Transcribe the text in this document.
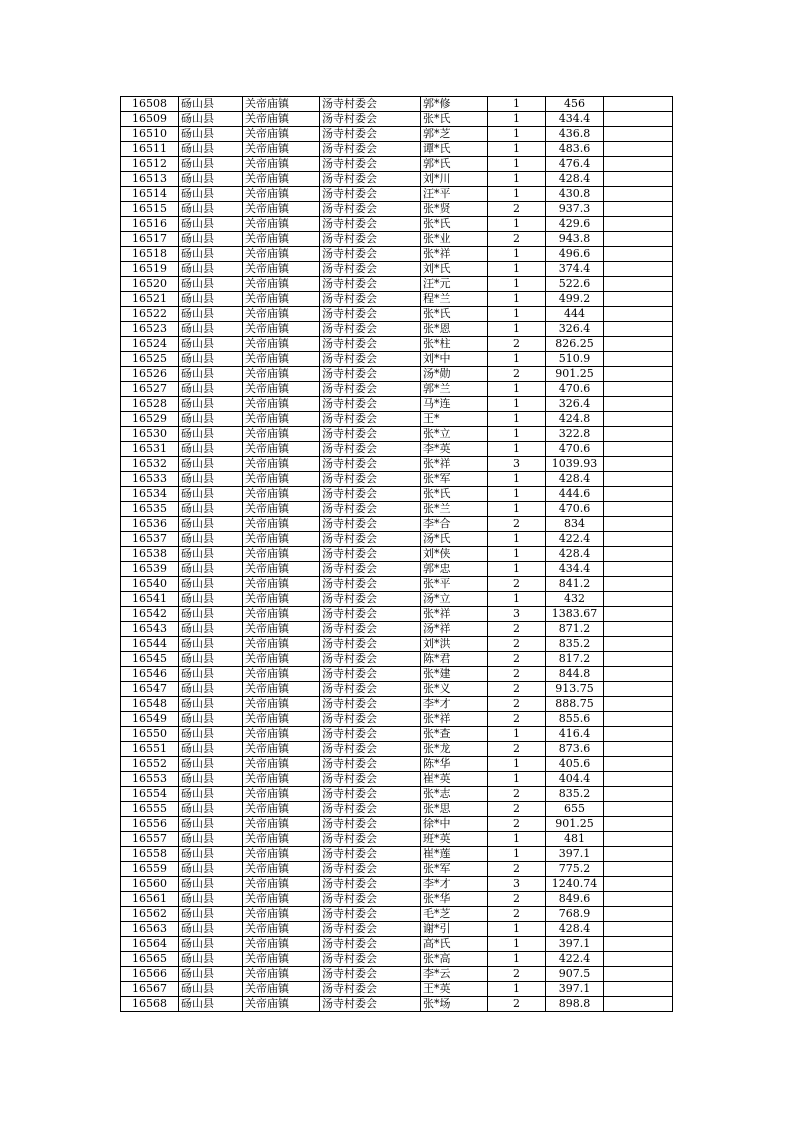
16508	砀山县	关帝庙镇	汤寺村委会	郭*修	1	456	
16509	砀山县	关帝庙镇	汤寺村委会	张*氏	1	434.4	
16510	砀山县	关帝庙镇	汤寺村委会	郭*芝	1	436.8	
16511	砀山县	关帝庙镇	汤寺村委会	谭*氏	1	483.6	
16512	砀山县	关帝庙镇	汤寺村委会	郭*氏	1	476.4	
16513	砀山县	关帝庙镇	汤寺村委会	刘*川	1	428.4	
16514	砀山县	关帝庙镇	汤寺村委会	汪*平	1	430.8	
16515	砀山县	关帝庙镇	汤寺村委会	张*贤	2	937.3	
16516	砀山县	关帝庙镇	汤寺村委会	张*氏	1	429.6	
16517	砀山县	关帝庙镇	汤寺村委会	张*业	2	943.8	
16518	砀山县	关帝庙镇	汤寺村委会	张*祥	1	496.6	
16519	砀山县	关帝庙镇	汤寺村委会	刘*氏	1	374.4	
16520	砀山县	关帝庙镇	汤寺村委会	汪*元	1	522.6	
16521	砀山县	关帝庙镇	汤寺村委会	程*兰	1	499.2	
16522	砀山县	关帝庙镇	汤寺村委会	张*氏	1	444	
16523	砀山县	关帝庙镇	汤寺村委会	张*恩	1	326.4	
16524	砀山县	关帝庙镇	汤寺村委会	张*柱	2	826.25	
16525	砀山县	关帝庙镇	汤寺村委会	刘*中	1	510.9	
16526	砀山县	关帝庙镇	汤寺村委会	汤*勋	2	901.25	
16527	砀山县	关帝庙镇	汤寺村委会	郭*兰	1	470.6	
16528	砀山县	关帝庙镇	汤寺村委会	马*连	1	326.4	
16529	砀山县	关帝庙镇	汤寺村委会	王*	1	424.8	
16530	砀山县	关帝庙镇	汤寺村委会	张*立	1	322.8	
16531	砀山县	关帝庙镇	汤寺村委会	李*英	1	470.6	
16532	砀山县	关帝庙镇	汤寺村委会	张*祥	3	1039.93	
16533	砀山县	关帝庙镇	汤寺村委会	张*军	1	428.4	
16534	砀山县	关帝庙镇	汤寺村委会	张*氏	1	444.6	
16535	砀山县	关帝庙镇	汤寺村委会	张*兰	1	470.6	
16536	砀山县	关帝庙镇	汤寺村委会	李*合	2	834	
16537	砀山县	关帝庙镇	汤寺村委会	汤*氏	1	422.4	
16538	砀山县	关帝庙镇	汤寺村委会	刘*侠	1	428.4	
16539	砀山县	关帝庙镇	汤寺村委会	郭*忠	1	434.4	
16540	砀山县	关帝庙镇	汤寺村委会	张*平	2	841.2	
16541	砀山县	关帝庙镇	汤寺村委会	汤*立	1	432	
16542	砀山县	关帝庙镇	汤寺村委会	张*祥	3	1383.67	
16543	砀山县	关帝庙镇	汤寺村委会	汤*祥	2	871.2	
16544	砀山县	关帝庙镇	汤寺村委会	刘*洪	2	835.2	
16545	砀山县	关帝庙镇	汤寺村委会	陈*君	2	817.2	
16546	砀山县	关帝庙镇	汤寺村委会	张*建	2	844.8	
16547	砀山县	关帝庙镇	汤寺村委会	张*义	2	913.75	
16548	砀山县	关帝庙镇	汤寺村委会	李*才	2	888.75	
16549	砀山县	关帝庙镇	汤寺村委会	张*祥	2	855.6	
16550	砀山县	关帝庙镇	汤寺村委会	张*查	1	416.4	
16551	砀山县	关帝庙镇	汤寺村委会	张*龙	2	873.6	
16552	砀山县	关帝庙镇	汤寺村委会	陈*华	1	405.6	
16553	砀山县	关帝庙镇	汤寺村委会	崔*英	1	404.4	
16554	砀山县	关帝庙镇	汤寺村委会	张*志	2	835.2	
16555	砀山县	关帝庙镇	汤寺村委会	张*思	2	655	
16556	砀山县	关帝庙镇	汤寺村委会	徐*中	2	901.25	
16557	砀山县	关帝庙镇	汤寺村委会	班*英	1	481	
16558	砀山县	关帝庙镇	汤寺村委会	崔*莲	1	397.1	
16559	砀山县	关帝庙镇	汤寺村委会	张*军	2	775.2	
16560	砀山县	关帝庙镇	汤寺村委会	李*才	3	1240.74	
16561	砀山县	关帝庙镇	汤寺村委会	张*华	2	849.6	
16562	砀山县	关帝庙镇	汤寺村委会	毛*芝	2	768.9	
16563	砀山县	关帝庙镇	汤寺村委会	谢*引	1	428.4	
16564	砀山县	关帝庙镇	汤寺村委会	高*氏	1	397.1	
16565	砀山县	关帝庙镇	汤寺村委会	张*高	1	422.4	
16566	砀山县	关帝庙镇	汤寺村委会	李*云	2	907.5	
16567	砀山县	关帝庙镇	汤寺村委会	王*英	1	397.1	
16568	砀山县	关帝庙镇	汤寺村委会	张*场	2	898.8	
